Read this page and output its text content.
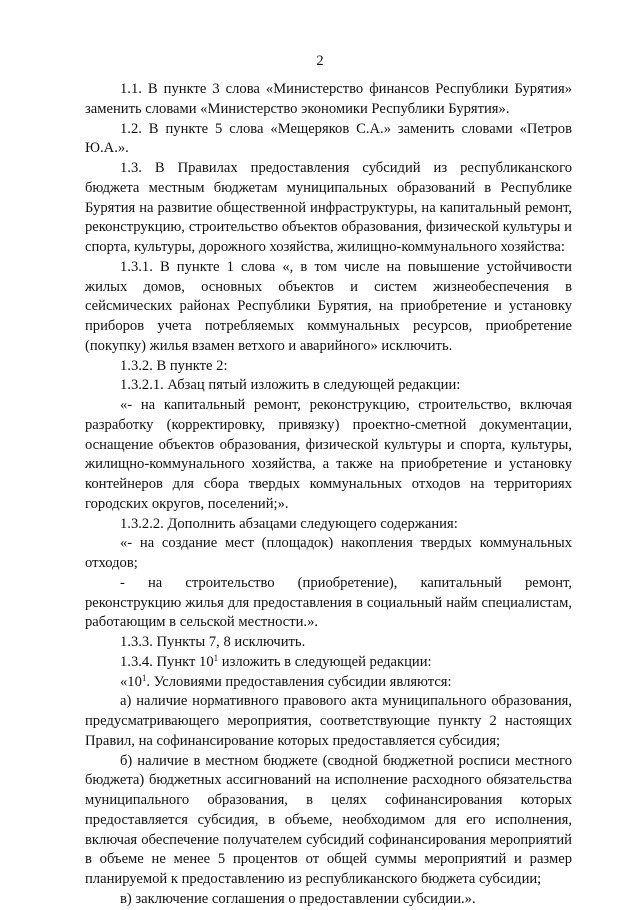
2

1.1. В пункте 3 слова «Министерство финансов Республики Бурятия» заменить словами «Министерство экономики Республики Бурятия».

1.2. В пункте 5 слова «Мещеряков С.А.» заменить словами «Петров Ю.А.».

1.3. В Правилах предоставления субсидий из республиканского бюджета местным бюджетам муниципальных образований в Республике Бурятия на развитие общественной инфраструктуры, на капитальный ремонт, реконструкцию, строительство объектов образования, физической культуры и спорта, культуры, дорожного хозяйства, жилищно-коммунального хозяйства:

1.3.1. В пункте 1 слова «, в том числе на повышение устойчивости жилых домов, основных объектов и систем жизнеобеспечения в сейсмических районах Республики Бурятия, на приобретение и установку приборов учета потребляемых коммунальных ресурсов, приобретение (покупку) жилья взамен ветхого и аварийного» исключить.

1.3.2. В пункте 2:

1.3.2.1. Абзац пятый изложить в следующей редакции:

«- на капитальный ремонт, реконструкцию, строительство, включая разработку (корректировку, привязку) проектно-сметной документации, оснащение объектов образования, физической культуры и спорта, культуры, жилищно-коммунального хозяйства, а также на приобретение и установку контейнеров для сбора твердых коммунальных отходов на территориях городских округов, поселений;».

1.3.2.2. Дополнить абзацами следующего содержания:

«- на создание мест (площадок) накопления твердых коммунальных отходов;

- на строительство (приобретение), капитальный ремонт, реконструкцию жилья для предоставления в социальный найм специалистам, работающим в сельской местности.».

1.3.3. Пункты 7, 8 исключить.

1.3.4. Пункт $10^1$ изложить в следующей редакции:

«$10^1$. Условиями предоставления субсидии являются:

а) наличие нормативного правового акта муниципального образования, предусматривающего мероприятия, соответствующие пункту 2 настоящих Правил, на софинансирование которых предоставляется субсидия;

б) наличие в местном бюджете (сводной бюджетной росписи местного бюджета) бюджетных ассигнований на исполнение расходного обязательства муниципального образования, в целях софинансирования которых предоставляется субсидия, в объеме, необходимом для его исполнения, включая обеспечение получателем субсидий софинансирования мероприятий в объеме не менее 5 процентов от общей суммы мероприятий и размер планируемой к предоставлению из республиканского бюджета субсидии;

в) заключение соглашения о предоставлении субсидии.».
